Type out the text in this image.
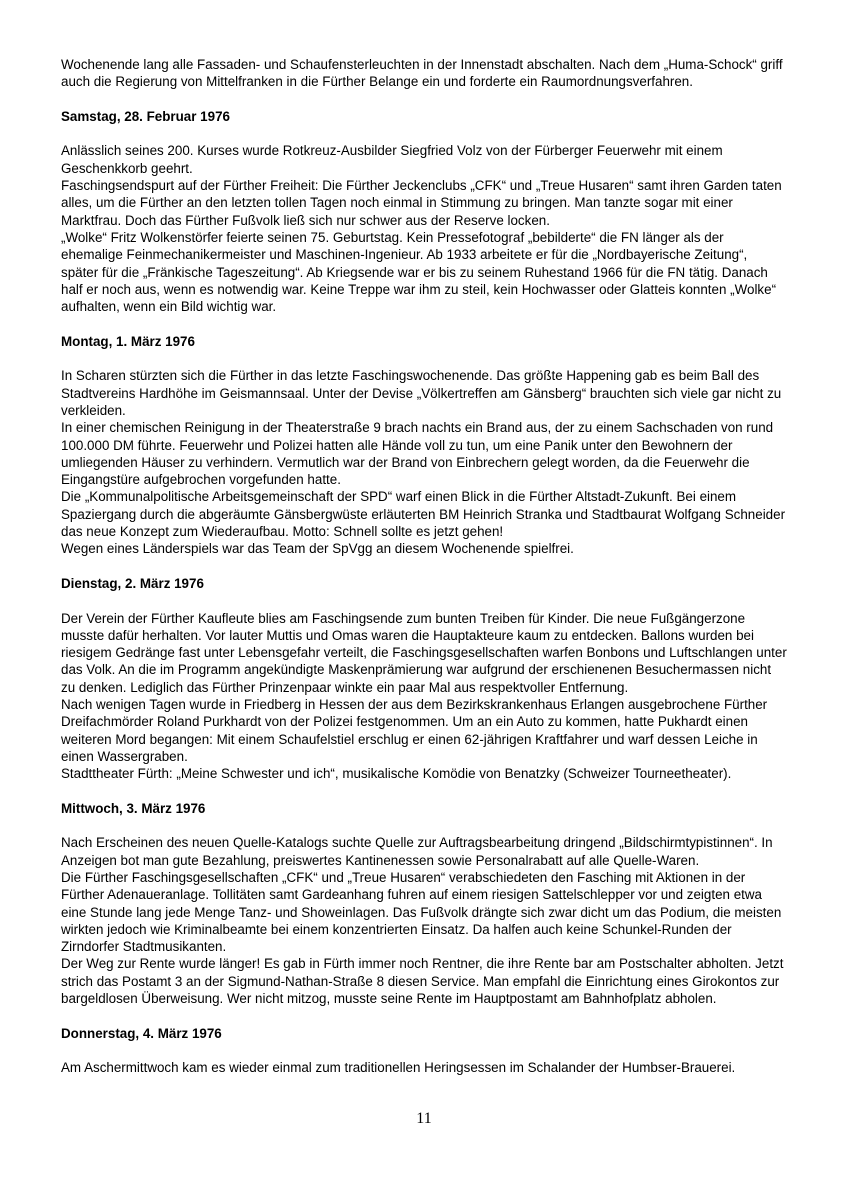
Wochenende lang alle Fassaden- und Schaufensterleuchten in der Innenstadt abschalten. Nach dem „Huma-Schock“ griff auch die Regierung von Mittelfranken in die Fürther Belange ein und forderte ein Raumordnungsverfahren.

Samstag, 28. Februar 1976

Anlässlich seines 200. Kurses wurde Rotkreuz-Ausbilder Siegfried Volz von der Fürberger Feuerwehr mit einem Geschenkkorb geehrt.

Faschingsendspurt auf der Fürther Freiheit: Die Fürther Jeckenclubs „CFK“ und „Treue Husaren“ samt ihren Garden taten alles, um die Fürther an den letzten tollen Tagen noch einmal in Stimmung zu bringen. Man tanzte sogar mit einer Marktfrau. Doch das Fürther Fußvolk ließ sich nur schwer aus der Reserve locken.

„Wolke“ Fritz Wolkenstörfer feierte seinen 75. Geburtstag. Kein Pressefotograf „bebilderte“ die FN länger als der ehemalige Feinmechanikermeister und Maschinen-Ingenieur. Ab 1933 arbeitete er für die „Nordbayerische Zeitung“, später für die „Fränkische Tageszeitung“. Ab Kriegsende war er bis zu seinem Ruhestand 1966 für die FN tätig. Danach half er noch aus, wenn es notwendig war. Keine Treppe war ihm zu steil, kein Hochwasser oder Glatteis konnten „Wolke“ aufhalten, wenn ein Bild wichtig war.

Montag, 1. März 1976

In Scharen stürzten sich die Fürther in das letzte Faschingswochenende. Das größte Happening gab es beim Ball des Stadtvereins Hardhöhe im Geismannsaal. Unter der Devise „Völkertreffen am Gänsberg“ brauchten sich viele gar nicht zu verkleiden.

In einer chemischen Reinigung in der Theaterstraße 9 brach nachts ein Brand aus, der zu einem Sachschaden von rund 100.000 DM führte. Feuerwehr und Polizei hatten alle Hände voll zu tun, um eine Panik unter den Bewohnern der umliegenden Häuser zu verhindern. Vermutlich war der Brand von Einbrechern gelegt worden, da die Feuerwehr die Eingangstüre aufgebrochen vorgefunden hatte.

Die „Kommunalpolitische Arbeitsgemeinschaft der SPD“ warf einen Blick in die Fürther Altstadt-Zukunft. Bei einem Spaziergang durch die abgeräumte Gänsbergwüste erläuterten BM Heinrich Stranka und Stadtbaurat Wolfgang Schneider das neue Konzept zum Wiederaufbau. Motto: Schnell sollte es jetzt gehen!

Wegen eines Länderspiels war das Team der SpVgg an diesem Wochenende spielfrei.

Dienstag, 2. März 1976

Der Verein der Fürther Kaufleute blies am Faschingsende zum bunten Treiben für Kinder. Die neue Fußgängerzone musste dafür herhalten. Vor lauter Muttis und Omas waren die Hauptakteure kaum zu entdecken. Ballons wurden bei riesigem Gedränge fast unter Lebensgefahr verteilt, die Faschingsgesellschaften warfen Bonbons und Luftschlangen unter das Volk. An die im Programm angekündigte Maskenprämierung war aufgrund der erschienenen Besuchermassen nicht zu denken. Lediglich das Fürther Prinzenpaar winkte ein paar Mal aus respektvoller Entfernung.

Nach wenigen Tagen wurde in Friedberg in Hessen der aus dem Bezirkskrankenhaus Erlangen ausgebrochene Fürther Dreifachmörder Roland Purkhardt von der Polizei festgenommen. Um an ein Auto zu kommen, hatte Pukhardt einen weiteren Mord begangen: Mit einem Schaufelstiel erschlug er einen 62-jährigen Kraftfahrer und warf dessen Leiche in einen Wassergraben.

Stadttheater Fürth: „Meine Schwester und ich“, musikalische Komödie von Benatzky (Schweizer Tourneetheater).

Mittwoch, 3. März 1976

Nach Erscheinen des neuen Quelle-Katalogs suchte Quelle zur Auftragsbearbeitung dringend „Bildschirmtypistinnen“. In Anzeigen bot man gute Bezahlung, preiswertes Kantinenessen sowie Personalrabatt auf alle Quelle-Waren.

Die Fürther Faschingsgesellschaften „CFK“ und „Treue Husaren“ verabschiedeten den Fasching mit Aktionen in der Fürther Adenaueranlage. Tollitäten samt Gardeanhang fuhren auf einem riesigen Sattelschlepper vor und zeigten etwa eine Stunde lang jede Menge Tanz- und Showeinlagen. Das Fußvolk drängte sich zwar dicht um das Podium, die meisten wirkten jedoch wie Kriminalbeamte bei einem konzentrierten Einsatz. Da halfen auch keine Schunkel-Runden der Zirndorfer Stadtmusikanten.

Der Weg zur Rente wurde länger! Es gab in Fürth immer noch Rentner, die ihre Rente bar am Postschalter abholten. Jetzt strich das Postamt 3 an der Sigmund-Nathan-Straße 8 diesen Service. Man empfahl die Einrichtung eines Girokontos zur bargeldlosen Überweisung. Wer nicht mitzog, musste seine Rente im Hauptpostamt am Bahnhofplatz abholen.

Donnerstag, 4. März 1976

Am Aschermittwoch kam es wieder einmal zum traditionellen Heringsessen im Schalander der Humbser-Brauerei.

11
